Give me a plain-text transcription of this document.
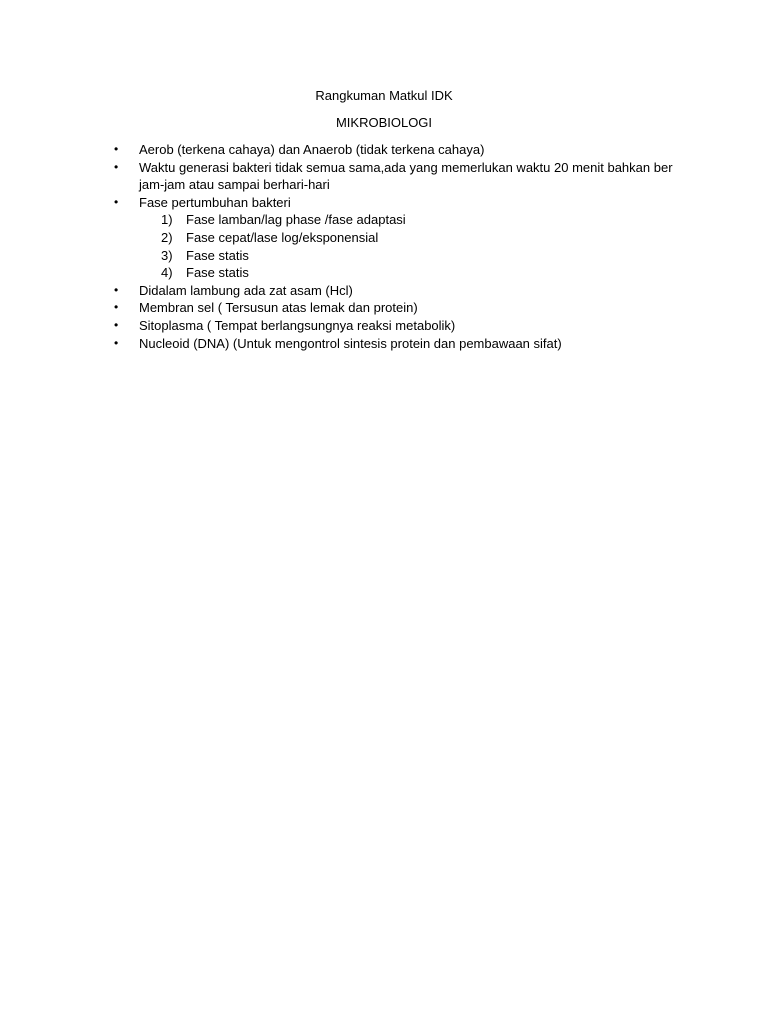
Rangkuman Matkul IDK
MIKROBIOLOGI
•	Aerob (terkena cahaya) dan Anaerob (tidak terkena cahaya)
•	Waktu generasi bakteri tidak semua sama,ada yang memerlukan waktu 20 menit bahkan ber jam-jam atau sampai berhari-hari
•	Fase pertumbuhan bakteri
1) Fase lamban/lag phase /fase adaptasi
2) Fase cepat/lase log/eksponensial
3) Fase statis
4) Fase statis
•	Didalam lambung ada zat asam (Hcl)
•	Membran sel ( Tersusun atas lemak dan protein)
•	Sitoplasma ( Tempat berlangsungnya reaksi metabolik)
•	Nucleoid (DNA) (Untuk mengontrol sintesis protein dan pembawaan sifat)
